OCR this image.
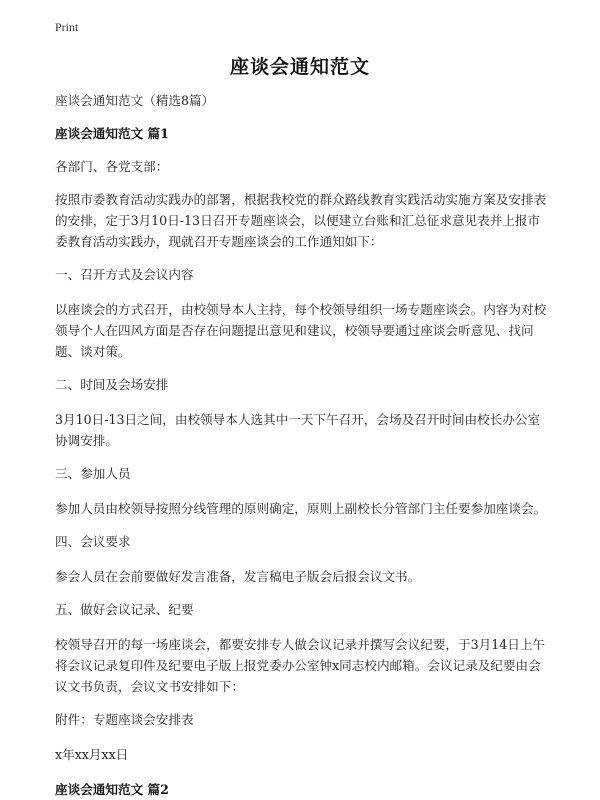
Print
座谈会通知范文

座谈会通知范文（精选8篇）

座谈会通知范文 篇1

各部门、各党支部：

按照市委教育活动实践办的部署，根据我校党的群众路线教育实践活动实施方案及安排表的安排，定于3月10日-13日召开专题座谈会，以便建立台账和汇总征求意见表并上报市委教育活动实践办，现就召开专题座谈会的工作通知如下：

一、召开方式及会议内容

以座谈会的方式召开，由校领导本人主持，每个校领导组织一场专题座谈会。内容为对校领导个人在四风方面是否存在问题提出意见和建议，校领导要通过座谈会听意见、找问题、谈对策。

二、时间及会场安排

3月10日-13日之间，由校领导本人选其中一天下午召开，会场及召开时间由校长办公室协调安排。

三、参加人员

参加人员由校领导按照分线管理的原则确定，原则上副校长分管部门主任要参加座谈会。

四、会议要求

参会人员在会前要做好发言准备，发言稿电子版会后报会议文书。

五、做好会议记录、纪要

校领导召开的每一场座谈会，都要安排专人做会议记录并撰写会议纪要，于3月14日上午将会议记录复印件及纪要电子版上报党委办公室钟x同志校内邮箱。会议记录及纪要由会议文书负责，会议文书安排如下：

附件：专题座谈会安排表

x年xx月xx日

座谈会通知范文 篇2
